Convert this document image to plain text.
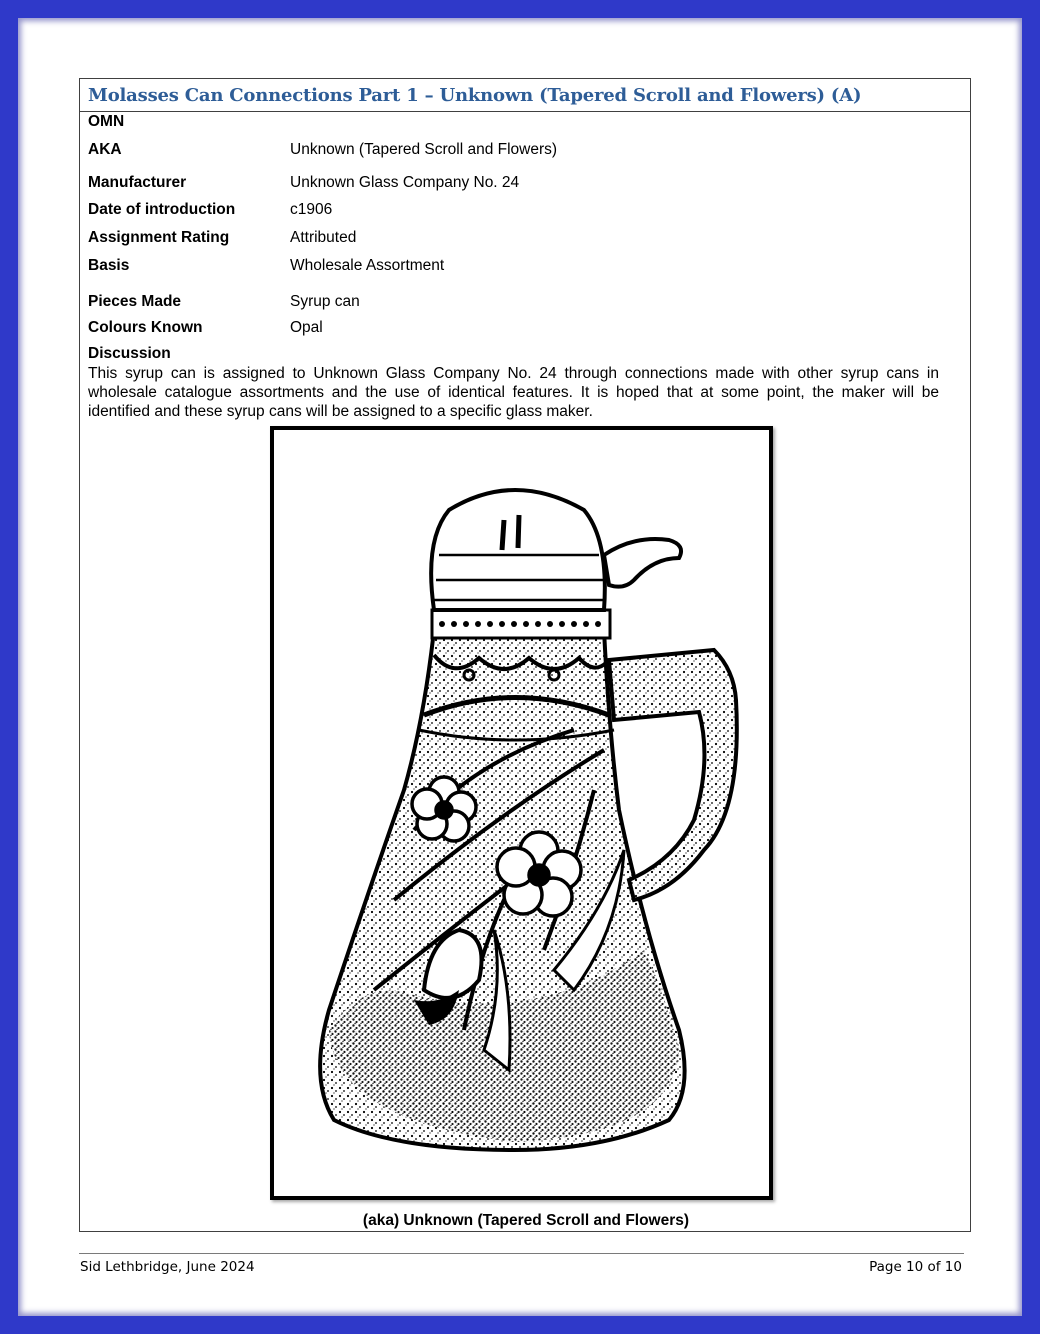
Molasses Can Connections Part 1 – Unknown (Tapered Scroll and Flowers) (A)
OMN
AKA	Unknown (Tapered Scroll and Flowers)
Manufacturer	Unknown Glass Company No. 24
Date of introduction	c1906
Assignment Rating	Attributed
Basis	Wholesale Assortment
Pieces Made	Syrup can
Colours Known	Opal
Discussion
This syrup can is assigned to Unknown Glass Company No. 24 through connections made with other syrup cans in wholesale catalogue assortments and the use of identical features. It is hoped that at some point, the maker will be identified and these syrup cans will be assigned to a specific glass maker.
(aka) Unknown (Tapered Scroll and Flowers)
Sid Lethbridge, June 2024	Page 10 of 10
